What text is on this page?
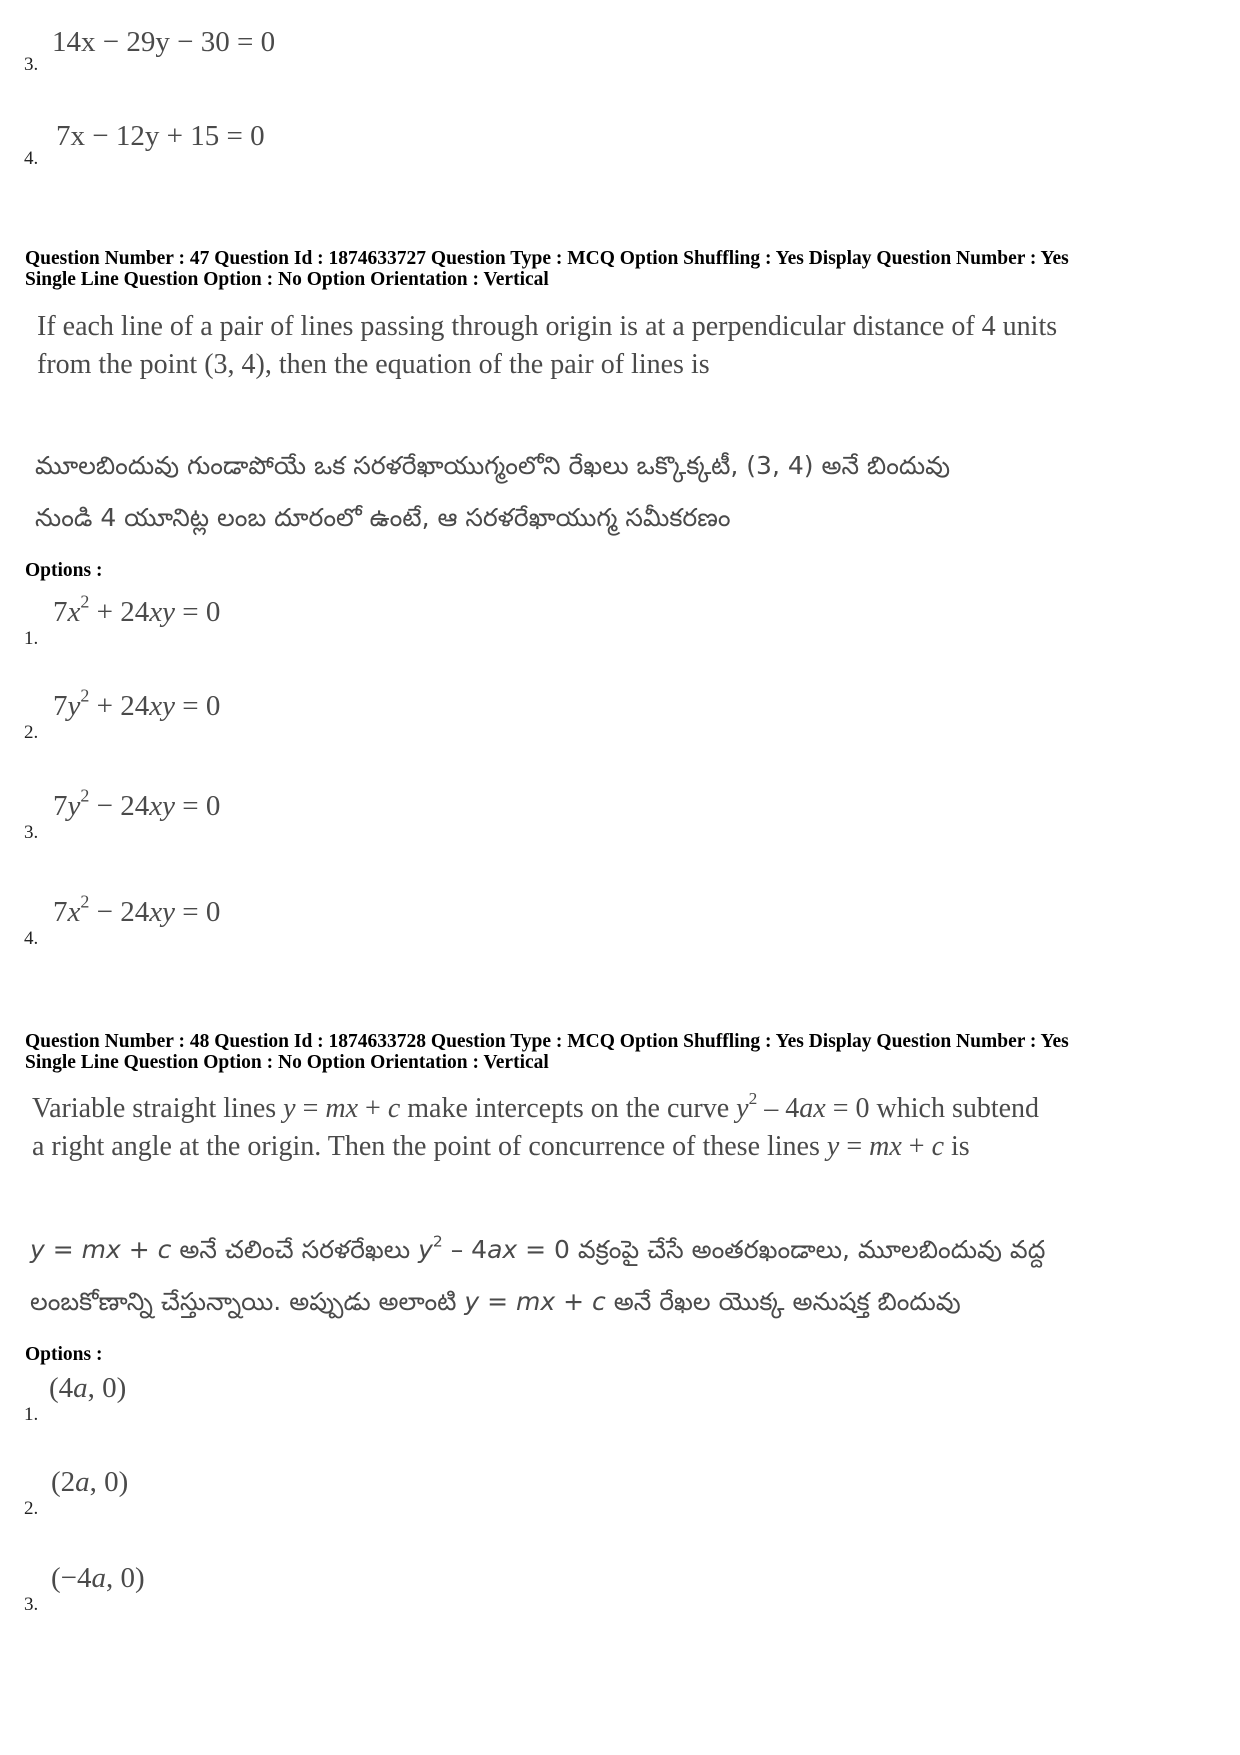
3.
14x − 29y − 30 = 0
4.
7x − 12y + 15 = 0
Question Number : 47 Question Id : 1874633727 Question Type : MCQ Option Shuffling : Yes Display Question Number : Yes
Single Line Question Option : No Option Orientation : Vertical
If each line of a pair of lines passing through origin is at a perpendicular distance of 4 units
from the point (3, 4), then the equation of the pair of lines is
మూలబిందువు గుండాపోయే ఒక సరళరేఖాయుగ్మంలోని రేఖలు ఒక్కొక్కటీ, (3, 4) అనే బిందువు
నుండి 4 యూనిట్ల లంబ దూరంలో ఉంటే, ఆ సరళరేఖాయుగ్మ సమీకరణం
Options :
1.
$7x^2 + 24xy = 0$
2.
$7y^2 + 24xy = 0$
3.
$7y^2 - 24xy = 0$
4.
$7x^2 - 24xy = 0$
Question Number : 48 Question Id : 1874633728 Question Type : MCQ Option Shuffling : Yes Display Question Number : Yes
Single Line Question Option : No Option Orientation : Vertical
Variable straight lines y = mx + c make intercepts on the curve $y^2 - 4ax = 0$ which subtend
a right angle at the origin. Then the point of concurrence of these lines y = mx + c is
y = mx + c అనే చలించే సరళరేఖలు $y^2 - 4ax = 0$ వక్రంపై చేసే అంతరఖండాలు, మూలబిందువు వద్ద
లంబకోణాన్ని చేస్తున్నాయి. అప్పుడు అలాంటి y = mx + c అనే రేఖల యొక్క అనుషక్త బిందువు
Options :
1.
(4a, 0)
2.
(2a, 0)
3.
(−4a, 0)
